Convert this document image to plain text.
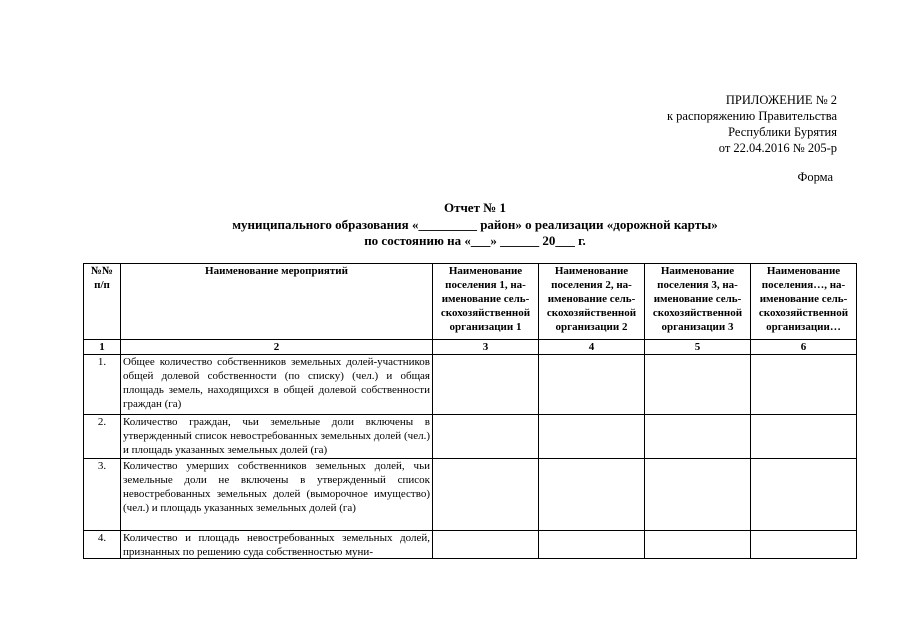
ПРИЛОЖЕНИЕ № 2
к распоряжению Правительства
Республики Бурятия
от 22.04.2016 № 205-р
Форма
Отчет № 1
муниципального образования «_________ район» о реализации «дорожной карты»
по состоянию на «___» ______ 20___ г.
№№ п/п	Наименование мероприятий	Наименование поселения 1, на-именование сель-скохозяйственной организации 1	Наименование поселения 2, на-именование сель-скохозяйственной организации 2	Наименование поселения 3, на-именование сель-скохозяйственной организации 3	Наименование поселения…, на-именование сель-скохозяйственной организации…
1	2	3	4	5	6
1.	Общее количество собственников земельных долей-участников общей долевой собственности (по списку) (чел.) и общая площадь земель, находящихся в общей долевой собственности граждан (га)				
2.	Количество граждан, чьи земельные доли включены в утвержденный список невостребованных земельных долей (чел.) и площадь указанных земельных долей (га)				
3.	Количество умерших собственников земельных долей, чьи земельные доли не включены в утвержденный список невостребованных земельных долей (выморочное имущество) (чел.) и площадь указанных земельных долей (га)				
4.	Количество и площадь невостребованных земельных долей, признанных по решению суда собственностью муни-				
